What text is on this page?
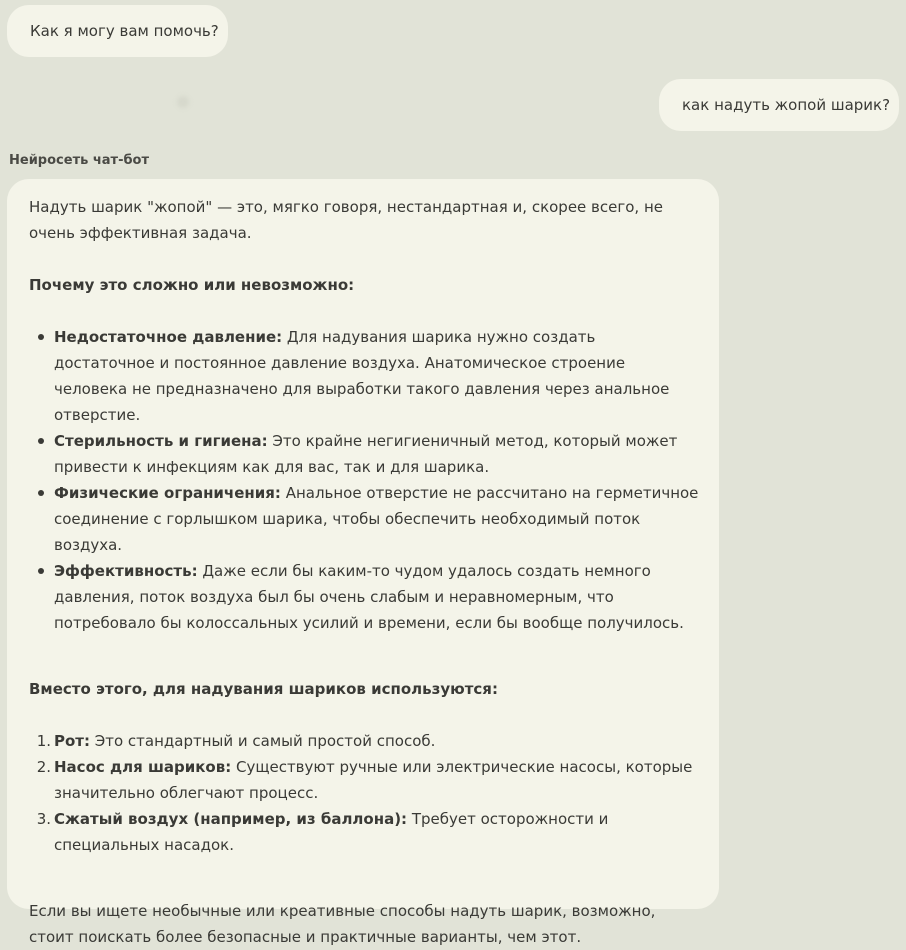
Как я могу вам помочь?
как надуть жопой шарик?
Нейросеть чат-бот

Надуть шарик "жопой" — это, мягко говоря, нестандартная и, скорее всего, не очень эффективная задача.

Почему это сложно или невозможно:

Недостаточное давление: Для надувания шарика нужно создать достаточное и постоянное давление воздуха. Анатомическое строение человека не предназначено для выработки такого давления через анальное отверстие.
Стерильность и гигиена: Это крайне негигиеничный метод, который может привести к инфекциям как для вас, так и для шарика.
Физические ограничения: Анальное отверстие не рассчитано на герметичное соединение с горлышком шарика, чтобы обеспечить необходимый поток воздуха.
Эффективность: Даже если бы каким-то чудом удалось создать немного давления, поток воздуха был бы очень слабым и неравномерным, что потребовало бы колоссальных усилий и времени, если бы вообще получилось.

Вместо этого, для надувания шариков используются:

1. Рот: Это стандартный и самый простой способ.
2. Насос для шариков: Существуют ручные или электрические насосы, которые значительно облегчают процесс.
3. Сжатый воздух (например, из баллона): Требует осторожности и специальных насадок.

Если вы ищете необычные или креативные способы надуть шарик, возможно, стоит поискать более безопасные и практичные варианты, чем этот.
